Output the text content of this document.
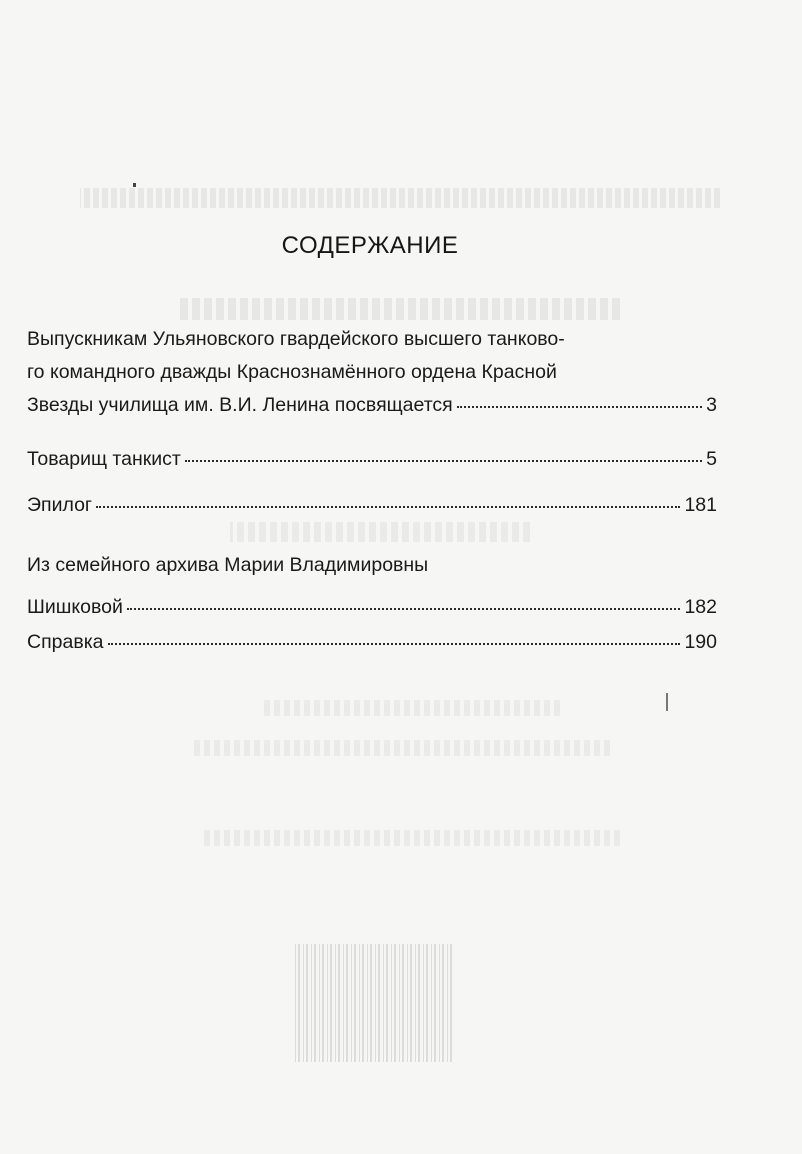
СОДЕРЖАНИЕ
Выпускникам Ульяновского гвардейского высшего танково-
го командного дважды Краснознамённого ордена Красной
Звезды училища им. В.И. Ленина посвящается	3
Товарищ танкист	5
Эпилог	181
Из семейного архива Марии Владимировны
Шишковой	182
Справка	190
